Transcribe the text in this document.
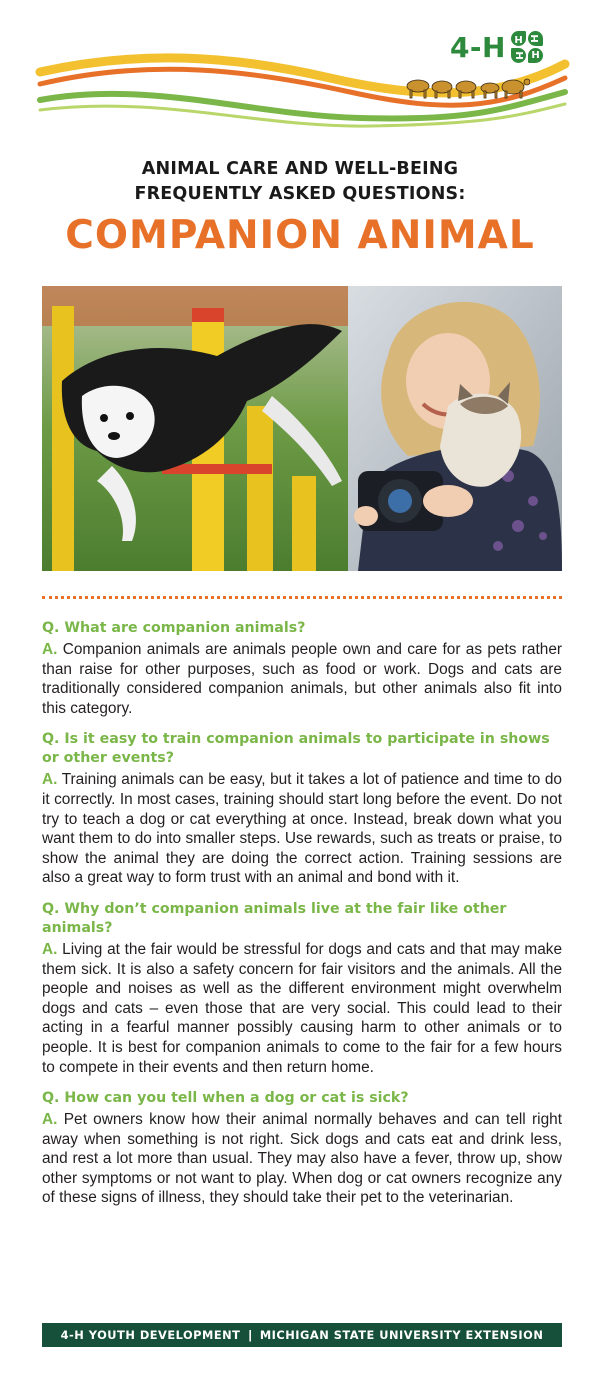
4-H
H
H
H
H
ANIMAL CARE AND WELL-BEING
FREQUENTLY ASKED QUESTIONS:
COMPANION ANIMAL

Q. What are companion animals?

A. Companion animals are animals people own and care for as pets rather than raise for other purposes, such as food or work. Dogs and cats are traditionally considered companion animals, but other animals also fit into this category.

Q. Is it easy to train companion animals to participate in shows or other events?

A. Training animals can be easy, but it takes a lot of patience and time to do it correctly. In most cases, training should start long before the event. Do not try to teach a dog or cat everything at once. Instead, break down what you want them to do into smaller steps. Use rewards, such as treats or praise, to show the animal they are doing the correct action. Training sessions are also a great way to form trust with an animal and bond with it.

Q. Why don’t companion animals live at the fair like other animals?

A. Living at the fair would be stressful for dogs and cats and that may make them sick. It is also a safety concern for fair visitors and the animals. All the people and noises as well as the different environment might overwhelm dogs and cats – even those that are very social. This could lead to their acting in a fearful manner possibly causing harm to other animals or to people. It is best for companion animals to come to the fair for a few hours to compete in their events and then return home.

Q. How can you tell when a dog or cat is sick?

A. Pet owners know how their animal normally behaves and can tell right away when something is not right. Sick dogs and cats eat and drink less, and rest a lot more than usual. They may also have a fever, throw up, show other symptoms or not want to play. When dog or cat owners recognize any of these signs of illness, they should take their pet to the veterinarian.

4-H YOUTH DEVELOPMENT | MICHIGAN STATE UNIVERSITY EXTENSION
